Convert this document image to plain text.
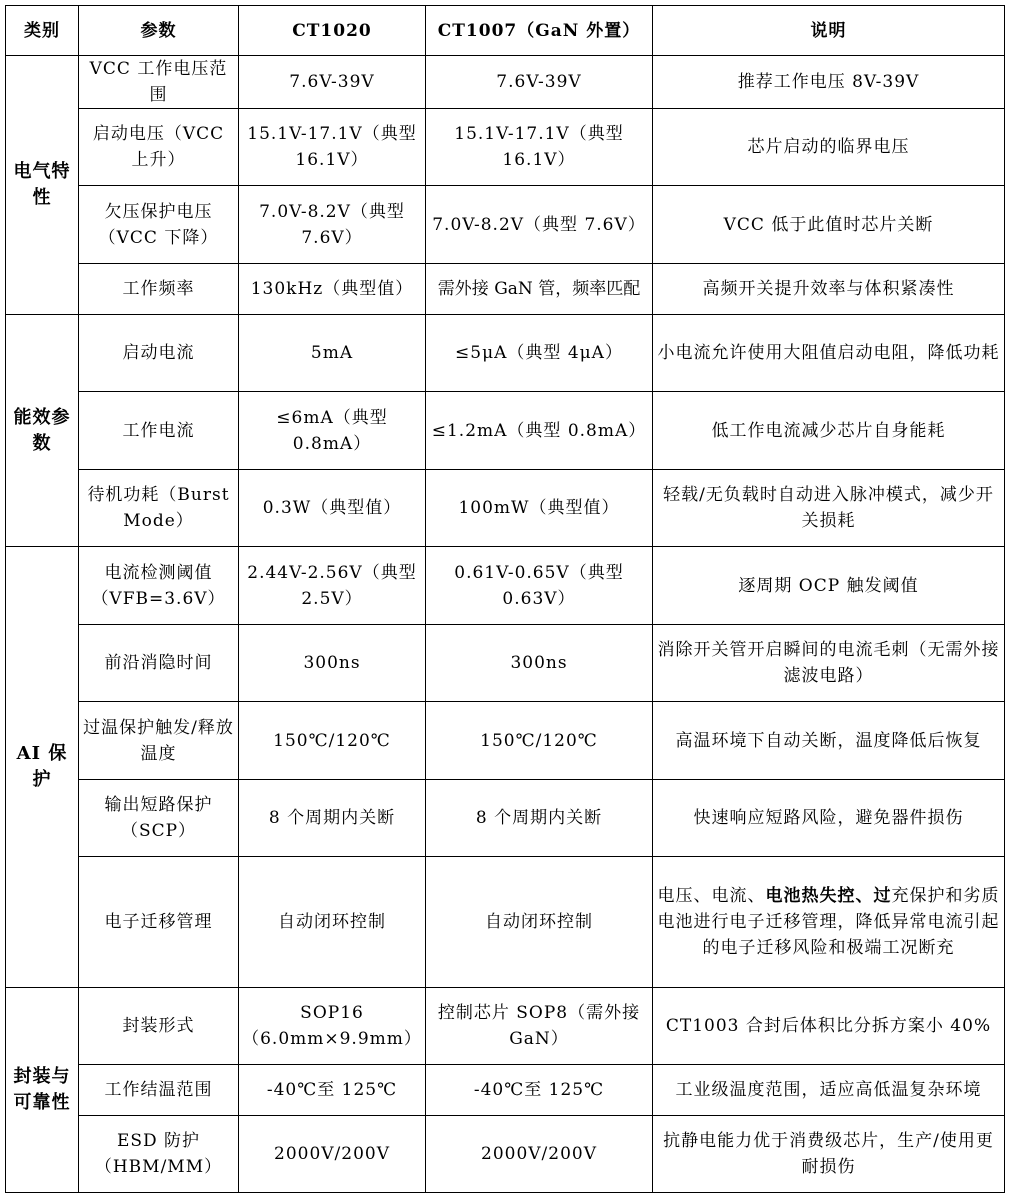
类别	参数	CT1020	CT1007（GaN 外置）	说明
电气特性	VCC 工作电压范围	7.6V-39V	7.6V-39V	推荐工作电压 8V-39V
	启动电压（VCC 上升）	15.1V-17.1V（典型 16.1V）	15.1V-17.1V（典型 16.1V）	芯片启动的临界电压
	欠压保护电压（VCC 下降）	7.0V-8.2V（典型 7.6V）	7.0V-8.2V（典型 7.6V）	VCC 低于此值时芯片关断
	工作频率	130kHz（典型值）	需外接 GaN 管，频率匹配	高频开关提升效率与体积紧凑性
能效参数	启动电流	5mA	≤5μA（典型 4μA）	小电流允许使用大阻值启动电阻，降低功耗
	工作电流	≤6mA（典型 0.8mA）	≤1.2mA（典型 0.8mA）	低工作电流减少芯片自身能耗
	待机功耗（Burst Mode）	0.3W（典型值）	100mW（典型值）	轻载/无负载时自动进入脉冲模式，减少开关损耗
AI 保护	电流检测阈值（VFB=3.6V）	2.44V-2.56V（典型 2.5V）	0.61V-0.65V（典型 0.63V）	逐周期 OCP 触发阈值
	前沿消隐时间	300ns	300ns	消除开关管开启瞬间的电流毛刺（无需外接滤波电路）
	过温保护触发/释放温度	150℃/120℃	150℃/120℃	高温环境下自动关断，温度降低后恢复
	输出短路保护（SCP）	8 个周期内关断	8 个周期内关断	快速响应短路风险，避免器件损伤
	电子迁移管理	自动闭环控制	自动闭环控制	电压、电流、电池热失控、过充保护和劣质电池进行电子迁移管理，降低异常电流引起的电子迁移风险和极端工况断充
封装与可靠性	封装形式	SOP16（6.0mm×9.9mm）	控制芯片 SOP8（需外接 GaN）	CT1003 合封后体积比分拆方案小 40%
	工作结温范围	-40℃至 125℃	-40℃至 125℃	工业级温度范围，适应高低温复杂环境
	ESD 防护（HBM/MM）	2000V/200V	2000V/200V	抗静电能力优于消费级芯片，生产/使用更耐损伤
